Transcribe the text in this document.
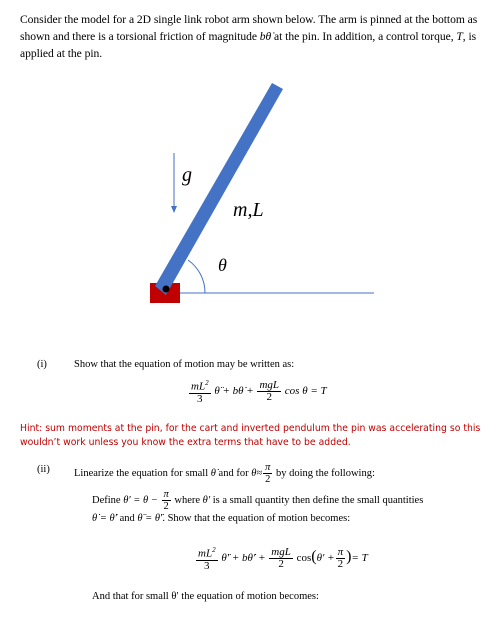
Consider the model for a 2D single link robot arm shown below. The arm is pinned at the bottom as shown and there is a torsional friction of magnitude bθ̇ at the pin. In addition, a control torque, T, is applied at the pin.
g
m,L
θ
(i)	Show that the equation of motion may be written as:
$\frac{mL^2}{3}$ θ̈ + bθ̇ + $\frac{\text{mgL}}{2}$ cos θ = T
Hint: sum moments at the pin, for the cart and inverted pendulum the pin was accelerating so this wouldn’t work unless you know the extra terms that have to be added.
(ii) Linearize the equation for small θ̇ and for $\theta\approx \frac{\pi}{2}$ by doing the following:
Define $\theta' = \theta - \frac{\pi}{2}$ where θ′ is a small quantity then define the small quantities
θ̇ = θ̇′ and θ̈ = θ̈′. Show that the equation of motion becomes:
$\frac{mL^2}{3}$ θ̈′ + bθ̇′ + $\frac{\text{mgL}}{2} \cos(\theta' + \frac{\pi}{2}$ )= T
And that for small θ′ the equation of motion becomes:
